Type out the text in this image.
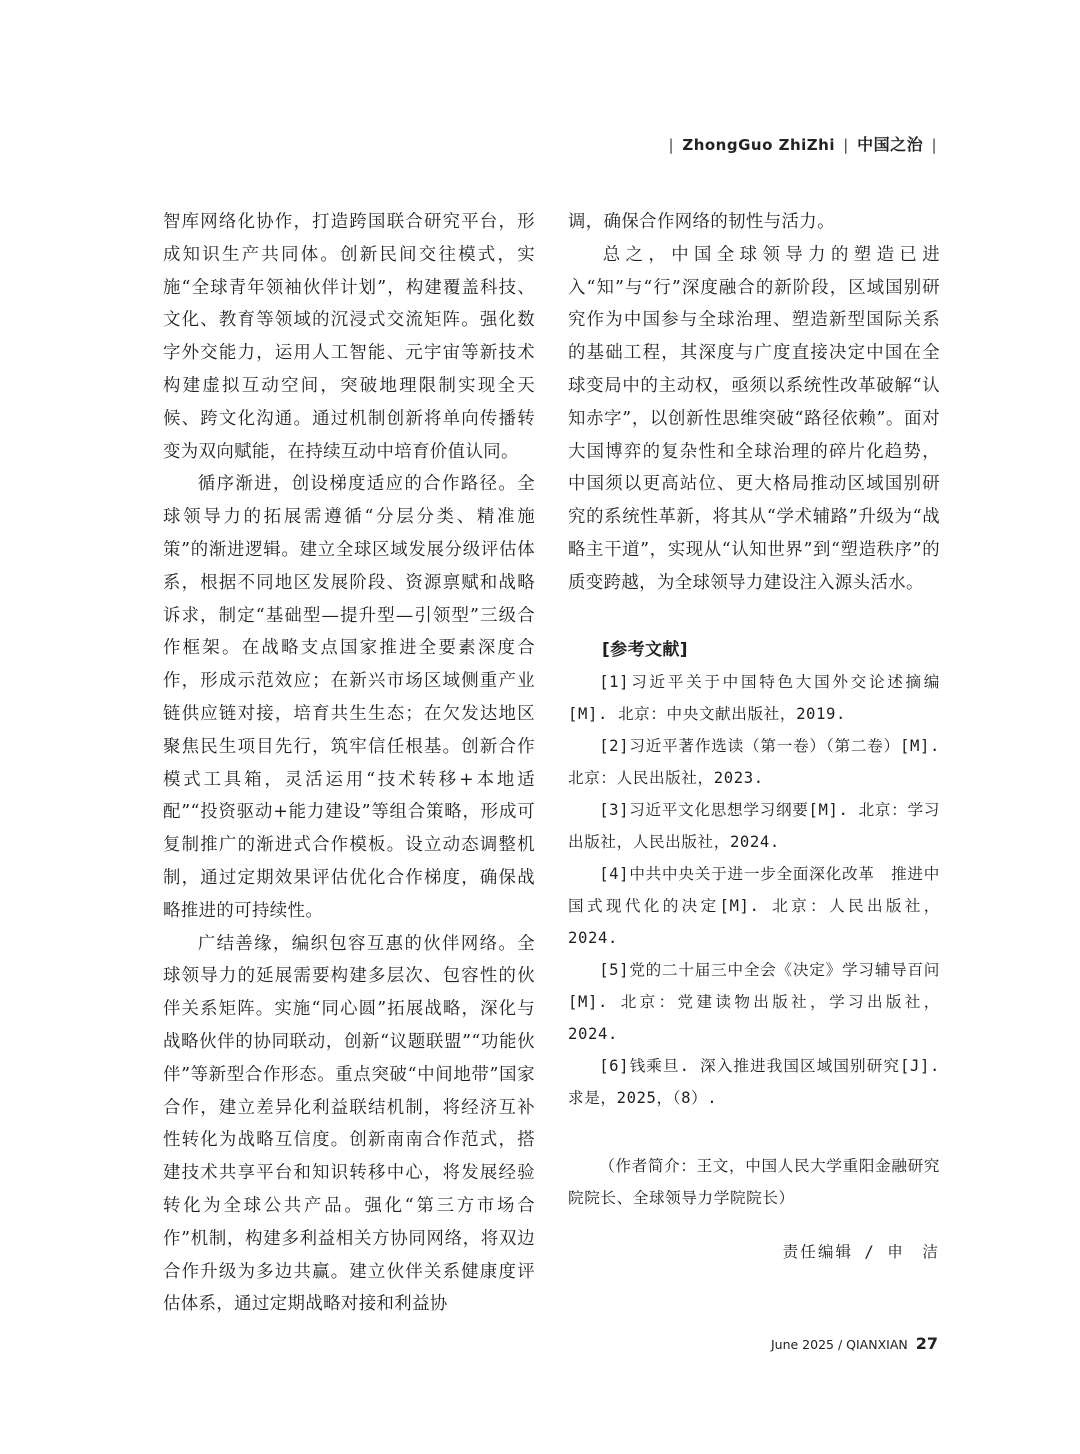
| ZhongGuo ZhiZhi | 中国之治 |

智库网络化协作，打造跨国联合研究平台，形成知识生产共同体。创新民间交往模式，实施“全球青年领袖伙伴计划”，构建覆盖科技、文化、教育等领域的沉浸式交流矩阵。强化数字外交能力，运用人工智能、元宇宙等新技术构建虚拟互动空间，突破地理限制实现全天候、跨文化沟通。通过机制创新将单向传播转变为双向赋能，在持续互动中培育价值认同。

循序渐进，创设梯度适应的合作路径。全球领导力的拓展需遵循“分层分类、精准施策”的渐进逻辑。建立全球区域发展分级评估体系，根据不同地区发展阶段、资源禀赋和战略诉求，制定“基础型—提升型—引领型”三级合作框架。在战略支点国家推进全要素深度合作，形成示范效应；在新兴市场区域侧重产业链供应链对接，培育共生生态；在欠发达地区聚焦民生项目先行，筑牢信任根基。创新合作模式工具箱，灵活运用“技术转移+本地适配”“投资驱动+能力建设”等组合策略，形成可复制推广的渐进式合作模板。设立动态调整机制，通过定期效果评估优化合作梯度，确保战略推进的可持续性。

广结善缘，编织包容互惠的伙伴网络。全球领导力的延展需要构建多层次、包容性的伙伴关系矩阵。实施“同心圆”拓展战略，深化与战略伙伴的协同联动，创新“议题联盟”“功能伙伴”等新型合作形态。重点突破“中间地带”国家合作，建立差异化利益联结机制，将经济互补性转化为战略互信度。创新南南合作范式，搭建技术共享平台和知识转移中心，将发展经验转化为全球公共产品。强化“第三方市场合作”机制，构建多利益相关方协同网络，将双边合作升级为多边共赢。建立伙伴关系健康度评估体系，通过定期战略对接和利益协

调，确保合作网络的韧性与活力。

总之，中国全球领导力的塑造已进入“知”与“行”深度融合的新阶段，区域国别研究作为中国参与全球治理、塑造新型国际关系的基础工程，其深度与广度直接决定中国在全球变局中的主动权，亟须以系统性改革破解“认知赤字”，以创新性思维突破“路径依赖”。面对大国博弈的复杂性和全球治理的碎片化趋势，中国须以更高站位、更大格局推动区域国别研究的系统性革新，将其从“学术辅路”升级为“战略主干道”，实现从“认知世界”到“塑造秩序”的质变跨越，为全球领导力建设注入源头活水。

[参考文献]

[1]习近平关于中国特色大国外交论述摘编[M]. 北京：中央文献出版社，2019.

[2]习近平著作选读（第一卷）（第二卷）[M]. 北京：人民出版社，2023.

[3]习近平文化思想学习纲要[M]. 北京：学习出版社，人民出版社，2024.

[4]中共中央关于进一步全面深化改革　推进中国式现代化的决定[M]. 北京：人民出版社，2024.

[5]党的二十届三中全会《决定》学习辅导百问[M]. 北京：党建读物出版社，学习出版社，2024.

[6]钱乘旦. 深入推进我国区域国别研究[J]. 求是，2025，（8）.

（作者简介：王文，中国人民大学重阳金融研究院院长、全球领导力学院院长）
责任编辑 / 申　洁
June 2025 / QIANXIAN 27
